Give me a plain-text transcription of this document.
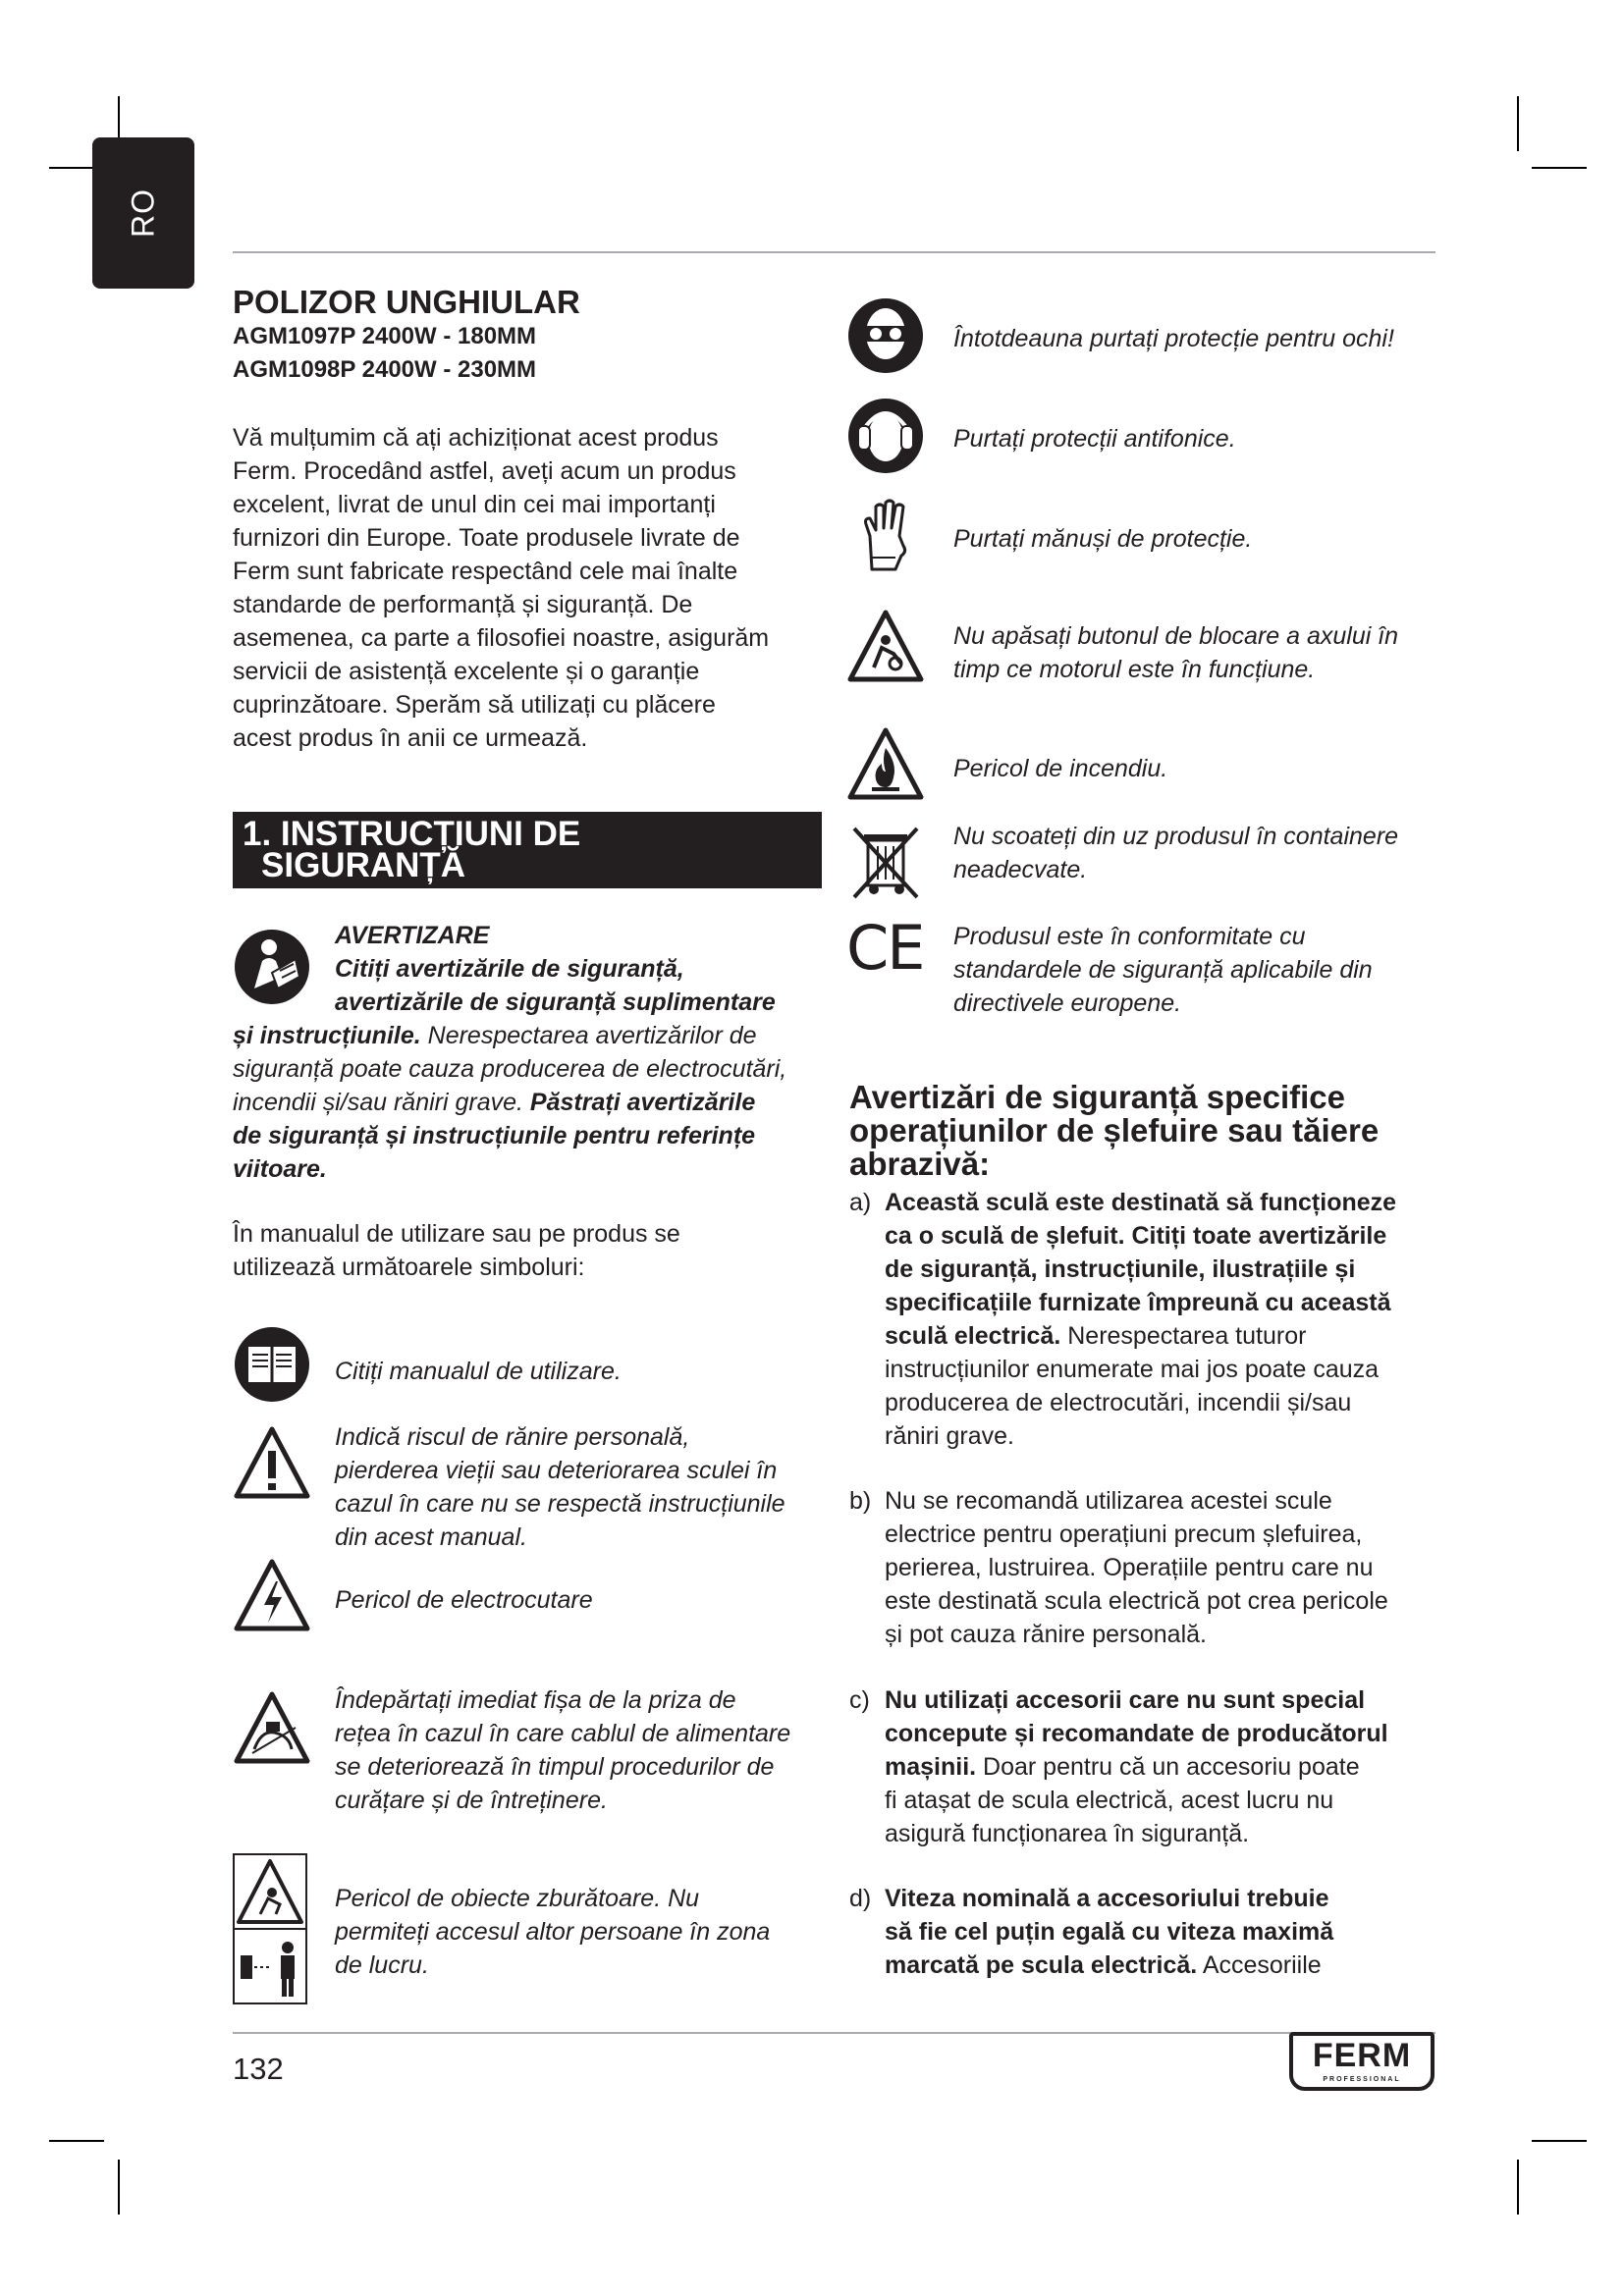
RO
POLIZOR UNGHIULAR
AGM1097P 2400W - 180MM
AGM1098P 2400W - 230MM

Vă mulțumim că ați achiziționat acest produs

Ferm. Procedând astfel, aveți acum un produs

excelent, livrat de unul din cei mai importanți

furnizori din Europe. Toate produsele livrate de

Ferm sunt fabricate respectând cele mai înalte

standarde de performanță și siguranță. De

asemenea, ca parte a filosofiei noastre, asigurăm

servicii de asistență excelente și o garanție

cuprinzătoare. Sperăm să utilizați cu plăcere

acest produs în anii ce urmează.

1. INSTRUCȚIUNI DE
SIGURANȚĂ

AVERTIZARE

Citiți avertizările de siguranță,

avertizările de siguranță suplimentare

și instrucțiunile. Nerespectarea avertizărilor de

siguranță poate cauza producerea de electrocutări,

incendii și/sau răniri grave. Păstrați avertizările

de siguranță și instrucțiunile pentru referințe

viitoare.

În manualul de utilizare sau pe produs se

utilizează următoarele simboluri:

Citiți manualul de utilizare.

Indică riscul de rănire personală,

pierderea vieții sau deteriorarea sculei în

cazul în care nu se respectă instrucțiunile

din acest manual.

Pericol de electrocutare

Îndepărtați imediat fișa de la priza de

rețea în cazul în care cablul de alimentare

se deteriorează în timpul procedurilor de

curățare și de întreținere.

Pericol de obiecte zburătoare. Nu

permiteți accesul altor persoane în zona

de lucru.

Întotdeauna purtați protecție pentru ochi!

Purtați protecții antifonice.

Purtați mănuși de protecție.

Nu apăsați butonul de blocare a axului în

timp ce motorul este în funcțiune.

Pericol de incendiu.

Nu scoateți din uz produsul în containere

neadecvate.

CE	Produsul este în conformitate cu

standardele de siguranță aplicabile din

directivele europene.

Avertizări de siguranță specifice

operațiunilor de șlefuire sau tăiere

abrazivă:

a) Această sculă este destinată să funcționeze

ca o sculă de șlefuit. Citiți toate avertizările

de siguranță, instrucțiunile, ilustrațiile și

specificațiile furnizate împreună cu această

sculă electrică. Nerespectarea tuturor

instrucțiunilor enumerate mai jos poate cauza

producerea de electrocutări, incendii și/sau

răniri grave.

b) Nu se recomandă utilizarea acestei scule

electrice pentru operațiuni precum șlefuirea,

perierea, lustruirea. Operațiile pentru care nu

este destinată scula electrică pot crea pericole

și pot cauza rănire personală.

c) Nu utilizați accesorii care nu sunt special

concepute și recomandate de producătorul

mașinii. Doar pentru că un accesoriu poate

fi atașat de scula electrică, acest lucru nu

asigură funcționarea în siguranță.

d) Viteza nominală a accesoriului trebuie

să fie cel puțin egală cu viteza maximă

marcată pe scula electrică. Accesoriile

132	FERM
PROFESSIONAL
